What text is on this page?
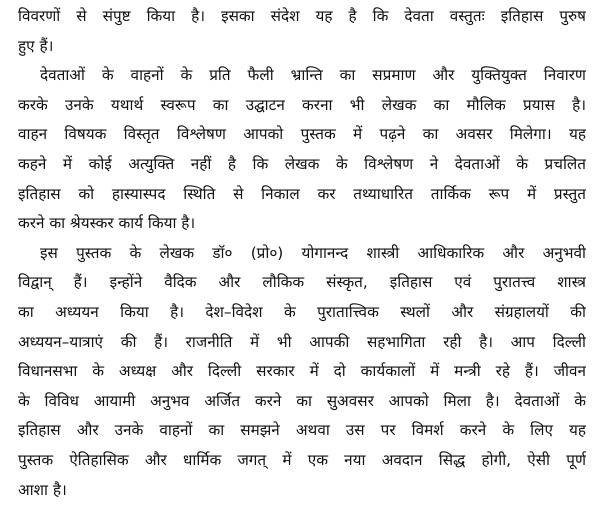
विवरणों से संपुष्ट किया है। इसका संदेश यह है कि देवता वस्तुतः इतिहास पुरुष
हुए हैं।
देवताओं के वाहनों के प्रति फैली भ्रान्ति का सप्रमाण और युक्तियुक्त निवारण
करके उनके यथार्थ स्वरूप का उद्घाटन करना भी लेखक का मौलिक प्रयास है।
वाहन विषयक विस्तृत विश्लेषण आपको पुस्तक में पढ़ने का अवसर मिलेगा। यह
कहने में कोई अत्युक्ति नहीं है कि लेखक के विश्लेषण ने देवताओं के प्रचलित
इतिहास को हास्यास्पद स्थिति से निकाल कर तथ्याधारित तार्किक रूप में प्रस्तुत
करने का श्रेयस्कर कार्य किया है।
इस पुस्तक के लेखक डॉ० (प्रो०) योगानन्द शास्त्री आधिकारिक और अनुभवी
विद्वान् हैं। इन्होंने वैदिक और लौकिक संस्कृत, इतिहास एवं पुरातत्त्व शास्त्र
का अध्ययन किया है। देश–विदेश के पुरातात्त्विक स्थलों और संग्रहालयों की
अध्ययन–यात्राएं की हैं। राजनीति में भी आपकी सहभागिता रही है। आप दिल्ली
विधानसभा के अध्यक्ष और दिल्ली सरकार में दो कार्यकालों में मन्त्री रहे हैं। जीवन
के विविध आयामी अनुभव अर्जित करने का सुअवसर आपको मिला है। देवताओं के
इतिहास और उनके वाहनों का समझने अथवा उस पर विमर्श करने के लिए यह
पुस्तक ऐतिहासिक और धार्मिक जगत् में एक नया अवदान सिद्ध होगी, ऐसी पूर्ण
आशा है।
